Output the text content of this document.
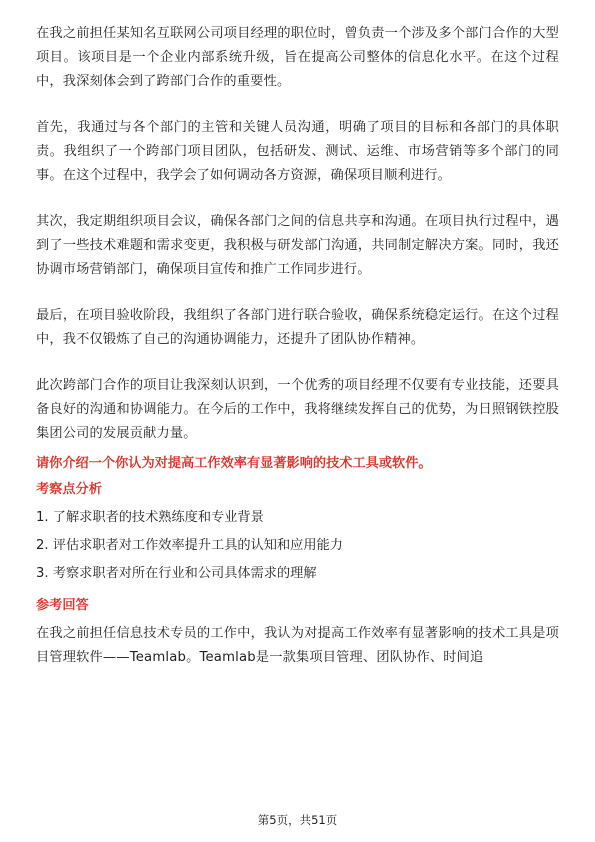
在我之前担任某知名互联网公司项目经理的职位时，曾负责一个涉及多个部门合作的大型项目。该项目是一个企业内部系统升级，旨在提高公司整体的信息化水平。在这个过程中，我深刻体会到了跨部门合作的重要性。

首先，我通过与各个部门的主管和关键人员沟通，明确了项目的目标和各部门的具体职责。我组织了一个跨部门项目团队，包括研发、测试、运维、市场营销等多个部门的同事。在这个过程中，我学会了如何调动各方资源，确保项目顺利进行。

其次，我定期组织项目会议，确保各部门之间的信息共享和沟通。在项目执行过程中，遇到了一些技术难题和需求变更，我积极与研发部门沟通，共同制定解决方案。同时，我还协调市场营销部门，确保项目宣传和推广工作同步进行。

最后，在项目验收阶段，我组织了各部门进行联合验收，确保系统稳定运行。在这个过程中，我不仅锻炼了自己的沟通协调能力，还提升了团队协作精神。

此次跨部门合作的项目让我深刻认识到，一个优秀的项目经理不仅要有专业技能，还要具备良好的沟通和协调能力。在今后的工作中，我将继续发挥自己的优势，为日照钢铁控股集团公司的发展贡献力量。

请你介绍一个你认为对提高工作效率有显著影响的技术工具或软件。

考察点分析

1. 了解求职者的技术熟练度和专业背景

2. 评估求职者对工作效率提升工具的认知和应用能力

3. 考察求职者对所在行业和公司具体需求的理解

参考回答

在我之前担任信息技术专员的工作中，我认为对提高工作效率有显著影响的技术工具是项目管理软件——Teamlab。Teamlab是一款集项目管理、团队协作、时间追

第5页，共51页
